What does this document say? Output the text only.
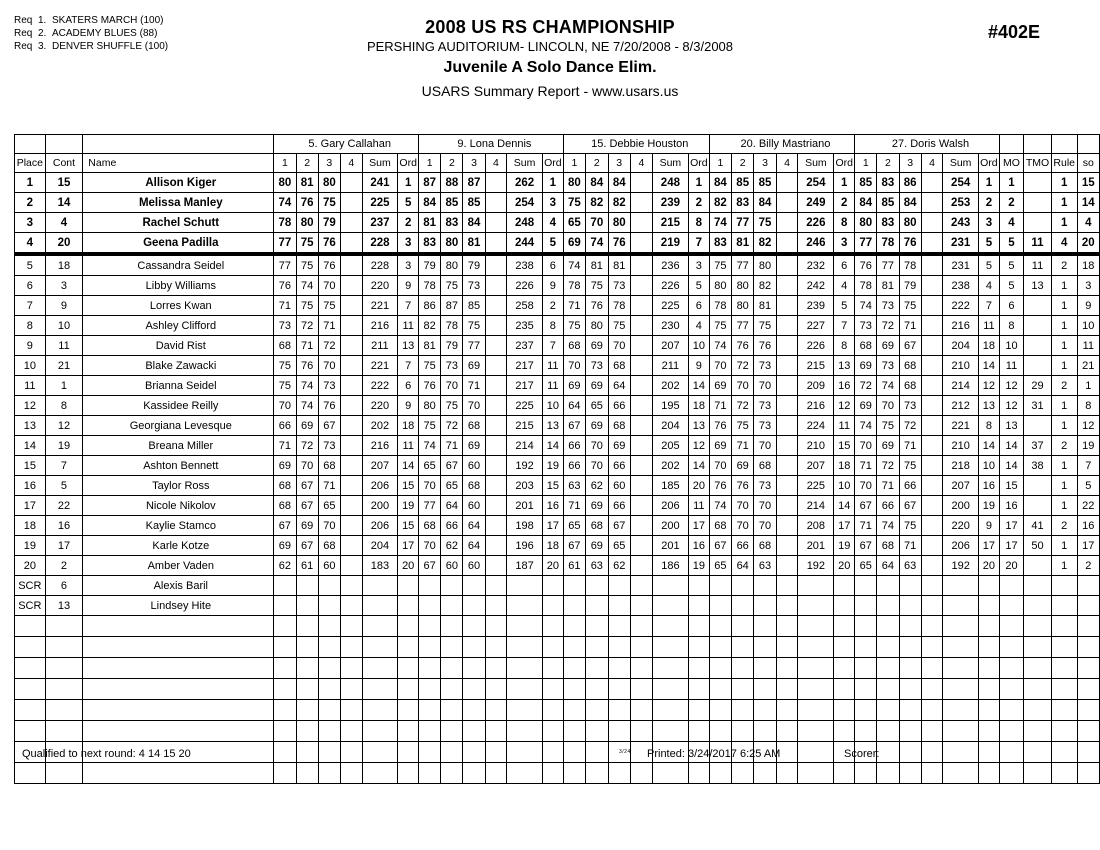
Req 1. SKATERS MARCH (100)
Req 2. ACADEMY BLUES (88)
Req 3. DENVER SHUFFLE (100)
2008 US RS CHAMPIONSHIP
PERSHING AUDITORIUM- LINCOLN, NE 7/20/2008 - 8/3/2008
Juvenile A Solo Dance Elim.
USARS Summary Report - www.usars.us
#402E

			5. Gary Callahan						9. Lona Dennis						15. Debbie Houston						20. Billy Mastriano						27. Doris Walsh									

Place	Cont	Name	1	2	3	4	Sum	Ord	1	2	3	4	Sum	Ord	1	2	3	4	Sum	Ord	1	2	3	4	Sum	Ord	1	2	3	4	Sum	Ord	MO	TMO	Rule	so
1	15	Allison Kiger	80	81	80		241	1	87	88	87		262	1	80	84	84		248	1	84	85	85		254	1	85	83	86		254	1	1		1	15
2	14	Melissa Manley	74	76	75		225	5	84	85	85		254	3	75	82	82		239	2	82	83	84		249	2	84	85	84		253	2	2		1	14
3	4	Rachel Schutt	78	80	79		237	2	81	83	84		248	4	65	70	80		215	8	74	77	75		226	8	80	83	80		243	3	4		1	4
4	20	Geena Padilla	77	75	76		228	3	83	80	81		244	5	69	74	76		219	7	83	81	82		246	3	77	78	76		231	5	5	11	4	20
5	18	Cassandra Seidel	77	75	76		228	3	79	80	79		238	6	74	81	81		236	3	75	77	80		232	6	76	77	78		231	5	5	11	2	18
6	3	Libby Williams	76	74	70		220	9	78	75	73		226	9	78	75	73		226	5	80	80	82		242	4	78	81	79		238	4	5	13	1	3
7	9	Lorres Kwan	71	75	75		221	7	86	87	85		258	2	71	76	78		225	6	78	80	81		239	5	74	73	75		222	7	6		1	9
8	10	Ashley Clifford	73	72	71		216	11	82	78	75		235	8	75	80	75		230	4	75	77	75		227	7	73	72	71		216	11	8		1	10
9	11	David Rist	68	71	72		211	13	81	79	77		237	7	68	69	70		207	10	74	76	76		226	8	68	69	67		204	18	10		1	11
10	21	Blake Zawacki	75	76	70		221	7	75	73	69		217	11	70	73	68		211	9	70	72	73		215	13	69	73	68		210	14	11		1	21
11	1	Brianna Seidel	75	74	73		222	6	76	70	71		217	11	69	69	64		202	14	69	70	70		209	16	72	74	68		214	12	12	29	2	1
12	8	Kassidee Reilly	70	74	76		220	9	80	75	70		225	10	64	65	66		195	18	71	72	73		216	12	69	70	73		212	13	12	31	1	8
13	12	Georgiana Levesque	66	69	67		202	18	75	72	68		215	13	67	69	68		204	13	76	75	73		224	11	74	75	72		221	8	13		1	12
14	19	Breana Miller	71	72	73		216	11	74	71	69		214	14	66	70	69		205	12	69	71	70		210	15	70	69	71		210	14	14	37	2	19
15	7	Ashton Bennett	69	70	68		207	14	65	67	60		192	19	66	70	66		202	14	70	69	68		207	18	71	72	75		218	10	14	38	1	7
16	5	Taylor Ross	68	67	71		206	15	70	65	68		203	15	63	62	60		185	20	76	76	73		225	10	70	71	66		207	16	15		1	5
17	22	Nicole Nikolov	68	67	65		200	19	77	64	60		201	16	71	69	66		206	11	74	70	70		214	14	67	66	67		200	19	16		1	22
18	16	Kaylie Stamco	67	69	70		206	15	68	66	64		198	17	65	68	67		200	17	68	70	70		208	17	71	74	75		220	9	17	41	2	16
19	17	Karle Kotze	69	67	68		204	17	70	62	64		196	18	67	69	65		201	16	67	66	68		201	19	67	68	71		206	17	17	50	1	17
20	2	Amber Vaden	62	61	60		183	20	67	60	60		187	20	61	63	62		186	19	65	64	63		192	20	65	64	63		192	20	20		1	2
SCR	6	Alexis Baril																																		

SCR	13	Lindsey Hite																																		

Qualified to next round: 4 14 15 20	3/24 Printed: 3/24/2017 6:25 AM	Scorer:
